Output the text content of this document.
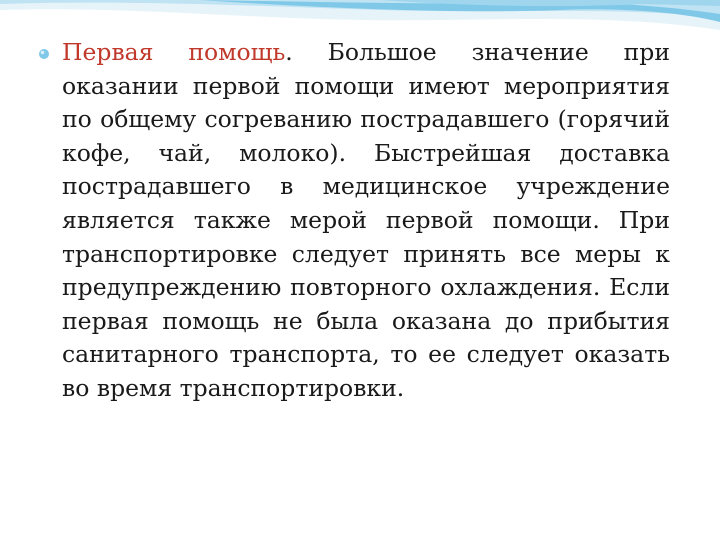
Первая помощь. Большое значение при оказании первой помощи имеют мероприятия по общему согреванию пострадавшего (горячий кофе, чай, молоко). Быстрейшая доставка пострадавшего в медицинское учреждение является также мерой первой помощи. При транспортировке следует принять все меры к предупреждению повторного охлаждения. Если первая помощь не была оказана до прибытия санитарного транспорта, то ее следует оказать во время транспортировки.
